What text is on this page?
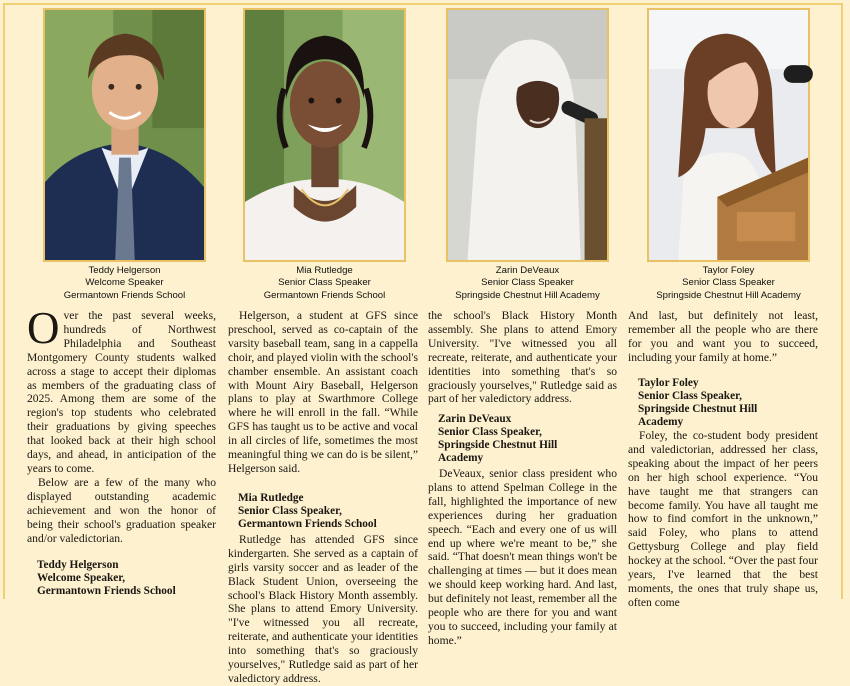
Teddy Helgerson
Welcome Speaker
Germantown Friends School
Mia Rutledge
Senior Class Speaker
Germantown Friends School
Zarin DeVeaux
Senior Class Speaker
Springside Chestnut Hill Academy
Taylor Foley
Senior Class Speaker
Springside Chestnut Hill Academy

Over the past several weeks, hundreds of Northwest Philadelphia and Southeast Montgomery County students walked across a stage to accept their diplomas as members of the graduating class of 2025. Among them are some of the region's top students who celebrated their graduations by giving speeches that looked back at their high school days, and ahead, in anticipation of the years to come.

Below are a few of the many who displayed outstanding academic achievement and won the honor of being their school's graduation speaker and/or valedictorian.

Teddy Helgerson
Welcome Speaker,
Germantown Friends School

Helgerson, a student at GFS since preschool, served as co-captain of the varsity baseball team, sang in a cappella choir, and played violin with the school's chamber ensemble. An assistant coach with Mount Airy Baseball, Helgerson plans to play at Swarthmore College where he will enroll in the fall. “While GFS has taught us to be active and vocal in all circles of life, sometimes the most meaningful thing we can do is be silent,” Helgerson said.

Mia Rutledge
Senior Class Speaker,
Germantown Friends School

Rutledge has attended GFS since kindergarten. She served as a captain of girls varsity soccer and as leader of the Black Student Union, overseeing the school's Black History Month assembly. She plans to attend Emory University. "I've witnessed you all recreate, reiterate, and authenticate your identities into something that's so graciously yourselves," Rutledge said as part of her valedictory address.

the school's Black History Month assembly. She plans to attend Emory University. "I've witnessed you all recreate, reiterate, and authenticate your identities into something that's so graciously yourselves," Rutledge said as part of her valedictory address.

Zarin DeVeaux
Senior Class Speaker,
Springside Chestnut Hill
Academy

DeVeaux, senior class president who plans to attend Spelman College in the fall, highlighted the importance of new experiences during her graduation speech. “Each and every one of us will end up where we're meant to be,” she said. “That doesn't mean things won't be challenging at times — but it does mean we should keep working hard. And last, but definitely not least, remember all the people who are there for you and want you to succeed, including your family at home.”

And last, but definitely not least, remember all the people who are there for you and want you to succeed, including your family at home.”

Taylor Foley
Senior Class Speaker,
Springside Chestnut Hill
Academy

Foley, the co-student body president and valedictorian, addressed her class, speaking about the impact of her peers on her high school experience. “You have taught me that strangers can become family. You have all taught me how to find comfort in the unknown,” said Foley, who plans to attend Gettysburg College and play field hockey at the school. “Over the past four years, I've learned that the best moments, the ones that truly shape us, often come
